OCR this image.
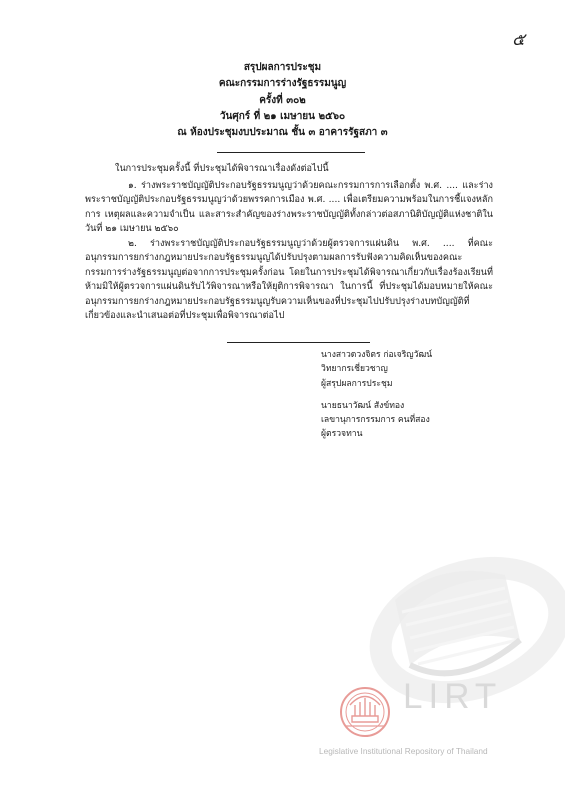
๕
สรุปผลการประชุม
คณะกรรมการร่างรัฐธรรมนูญ
ครั้งที่ ๓๐๒
วันศุกร์ ที่ ๒๑ เมษายน ๒๕๖๐
ณ ห้องประชุมงบประมาณ ชั้น ๓ อาคารรัฐสภา ๓

ในการประชุมครั้งนี้ ที่ประชุมได้พิจารณาเรื่องดังต่อไปนี้

๑. ร่างพระราชบัญญัติประกอบรัฐธรรมนูญว่าด้วยคณะกรรมการการเลือกตั้ง พ.ศ. .... และร่างพระราชบัญญัติประกอบรัฐธรรมนูญว่าด้วยพรรคการเมือง พ.ศ. .... เพื่อเตรียมความพร้อมในการชี้แจงหลักการ เหตุผลและความจำเป็น และสาระสำคัญของร่างพระราชบัญญัติทั้งกล่าวต่อสภานิติบัญญัติแห่งชาติในวันที่ ๒๑ เมษายน ๒๕๖๐

๒. ร่างพระราชบัญญัติประกอบรัฐธรรมนูญว่าด้วยผู้ตรวจการแผ่นดิน พ.ศ. .... ที่คณะอนุกรรมการยกร่างกฎหมายประกอบรัฐธรรมนูญได้ปรับปรุงตามผลการรับฟังความคิดเห็นของคณะกรรมการร่างรัฐธรรมนูญต่อจากการประชุมครั้งก่อน โดยในการประชุมได้พิจารณาเกี่ยวกับเรื่องร้องเรียนที่ห้ามมิให้ผู้ตรวจการแผ่นดินรับไว้พิจารณาหรือให้ยุติการพิจารณา ในการนี้ ที่ประชุมได้มอบหมายให้คณะอนุกรรมการยกร่างกฎหมายประกอบรัฐธรรมนูญรับความเห็นของที่ประชุมไปปรับปรุงร่างบทบัญญัติที่เกี่ยวข้องและนำเสนอต่อที่ประชุมเพื่อพิจารณาต่อไป

นางสาวดวงจิตร ก่อเจริญวัฒน์
วิทยากรเชี่ยวชาญ
ผู้สรุปผลการประชุม
นายธนาวัฒน์ สังข์ทอง
เลขานุการกรรมการ คนที่สอง
ผู้ตรวจทาน
LIRT
Legislative Institutional Repository of Thailand
